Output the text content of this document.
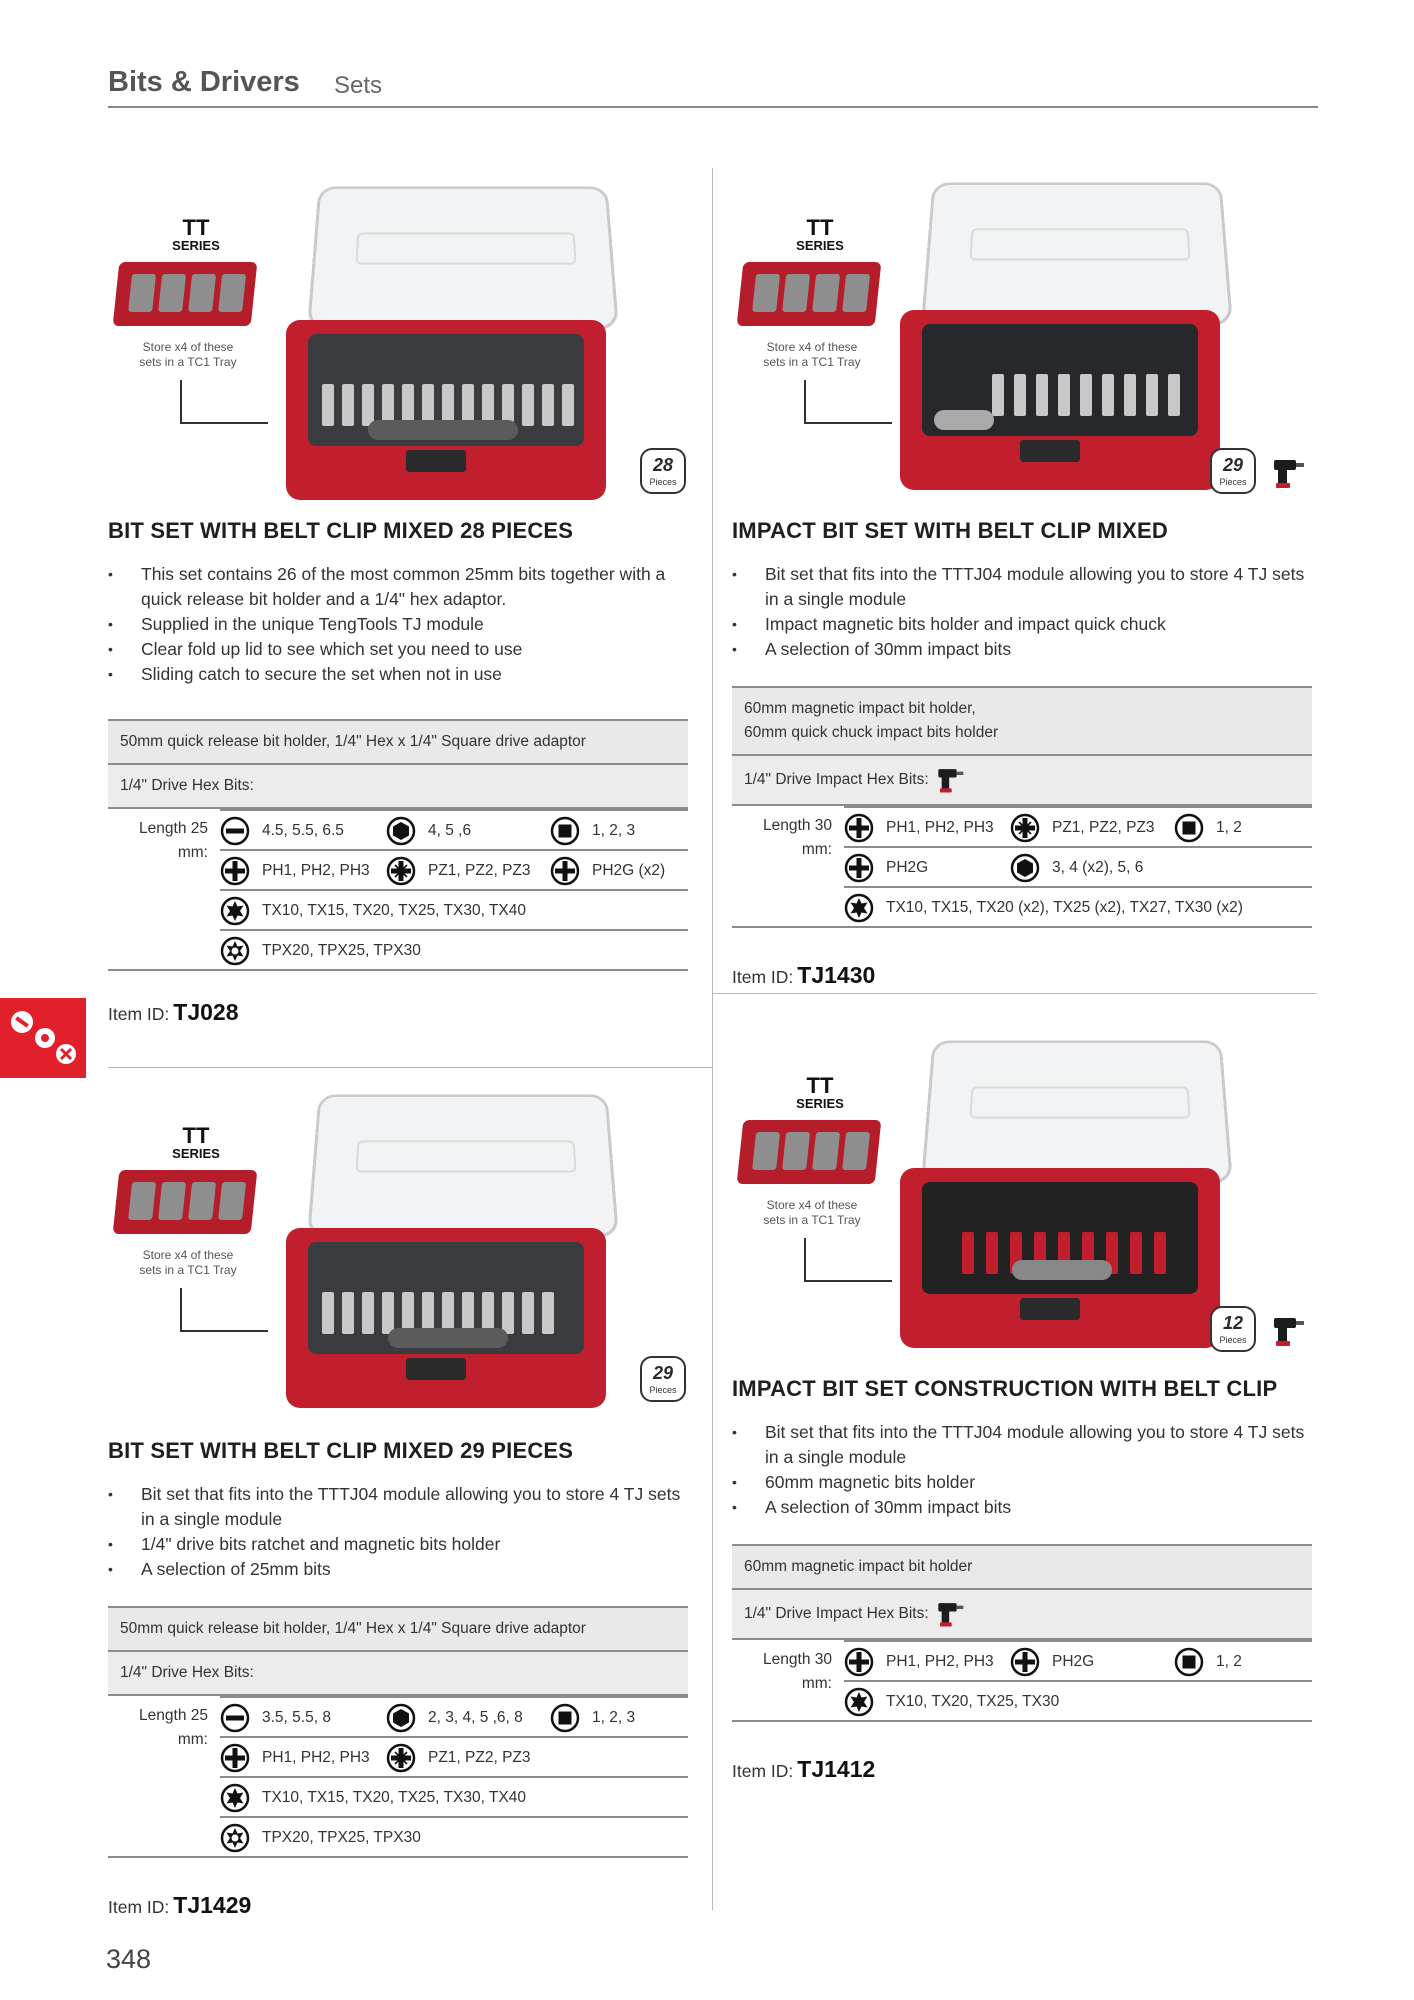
Bits & Drivers Sets
TT
SERIES
Store x4 of these
sets in a TC1 Tray
28
Pieces
BIT SET WITH BELT CLIP MIXED 28 PIECES
• This set contains 26 of the most common 25mm bits together with a quick release bit holder and a 1/4" hex adaptor.
• Supplied in the unique TengTools TJ module
• Clear fold up lid to see which set you need to use
• Sliding catch to secure the set when not in use
50mm quick release bit holder, 1/4" Hex x 1/4" Square drive adaptor
1/4" Drive Hex Bits:
Length 25
mm:
4.5, 5.5, 6.5	4, 5 ,6	1, 2, 3
PH1, PH2, PH3	PZ1, PZ2, PZ3	PH2G (x2)
TX10, TX15, TX20, TX25, TX30, TX40
TPX20, TPX25, TPX30
Item ID: TJ028
TT
SERIES
Store x4 of these
sets in a TC1 Tray
29
Pieces
IMPACT BIT SET WITH BELT CLIP MIXED
• Bit set that fits into the TTTJ04 module allowing you to store 4 TJ sets in a single module
• Impact magnetic bits holder and impact quick chuck
• A selection of 30mm impact bits
60mm magnetic impact bit holder,
60mm quick chuck impact bits holder
1/4" Drive Impact Hex Bits:
Length 30
mm:
PH1, PH2, PH3	PZ1, PZ2, PZ3	1, 2
PH2G	3, 4 (x2), 5, 6
TX10, TX15, TX20 (x2), TX25 (x2), TX27, TX30 (x2)
Item ID: TJ1430
TT
SERIES
Store x4 of these
sets in a TC1 Tray
29
Pieces
BIT SET WITH BELT CLIP MIXED 29 PIECES
• Bit set that fits into the TTTJ04 module allowing you to store 4 TJ sets in a single module
• 1/4" drive bits ratchet and magnetic bits holder
• A selection of 25mm bits
50mm quick release bit holder, 1/4" Hex x 1/4" Square drive adaptor
1/4" Drive Hex Bits:
Length 25
mm:
3.5, 5.5, 8	2, 3, 4, 5 ,6, 8	1, 2, 3
PH1, PH2, PH3	PZ1, PZ2, PZ3
TX10, TX15, TX20, TX25, TX30, TX40
TPX20, TPX25, TPX30
Item ID: TJ1429
TT
SERIES
Store x4 of these
sets in a TC1 Tray
12
Pieces
IMPACT BIT SET CONSTRUCTION WITH BELT CLIP
• Bit set that fits into the TTTJ04 module allowing you to store 4 TJ sets in a single module
• 60mm magnetic bits holder
• A selection of 30mm impact bits
60mm magnetic impact bit holder
1/4" Drive Impact Hex Bits:
Length 30
mm:
PH1, PH2, PH3	PH2G	1, 2
TX10, TX20, TX25, TX30
Item ID: TJ1412
348
